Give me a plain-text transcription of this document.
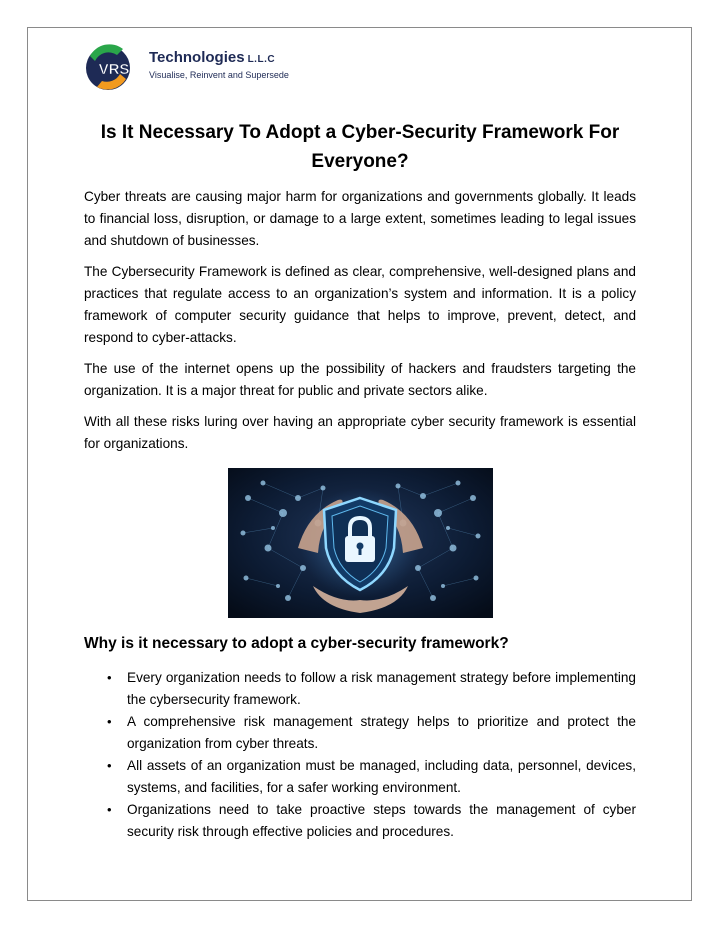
VRS
Technologies L.L.C
Visualise, Reinvent and Supersede
Is It Necessary To Adopt a Cyber-Security Framework For Everyone?

Cyber threats are causing major harm for organizations and governments globally. It leads to financial loss, disruption, or damage to a large extent, sometimes leading to legal issues and shutdown of businesses.

The Cybersecurity Framework is defined as clear, comprehensive, well-designed plans and practices that regulate access to an organization’s system and information. It is a policy framework of computer security guidance that helps to improve, prevent, detect, and respond to cyber-attacks.

The use of the internet opens up the possibility of hackers and fraudsters targeting the organization. It is a major threat for public and private sectors alike.

With all these risks luring over having an appropriate cyber security framework is essential for organizations.

Why is it necessary to adopt a cyber-security framework?
• Every organization needs to follow a risk management strategy before implementing the cybersecurity framework.
• A comprehensive risk management strategy helps to prioritize and protect the organization from cyber threats.
• All assets of an organization must be managed, including data, personnel, devices, systems, and facilities, for a safer working environment.
• Organizations need to take proactive steps towards the management of cyber security risk through effective policies and procedures.
